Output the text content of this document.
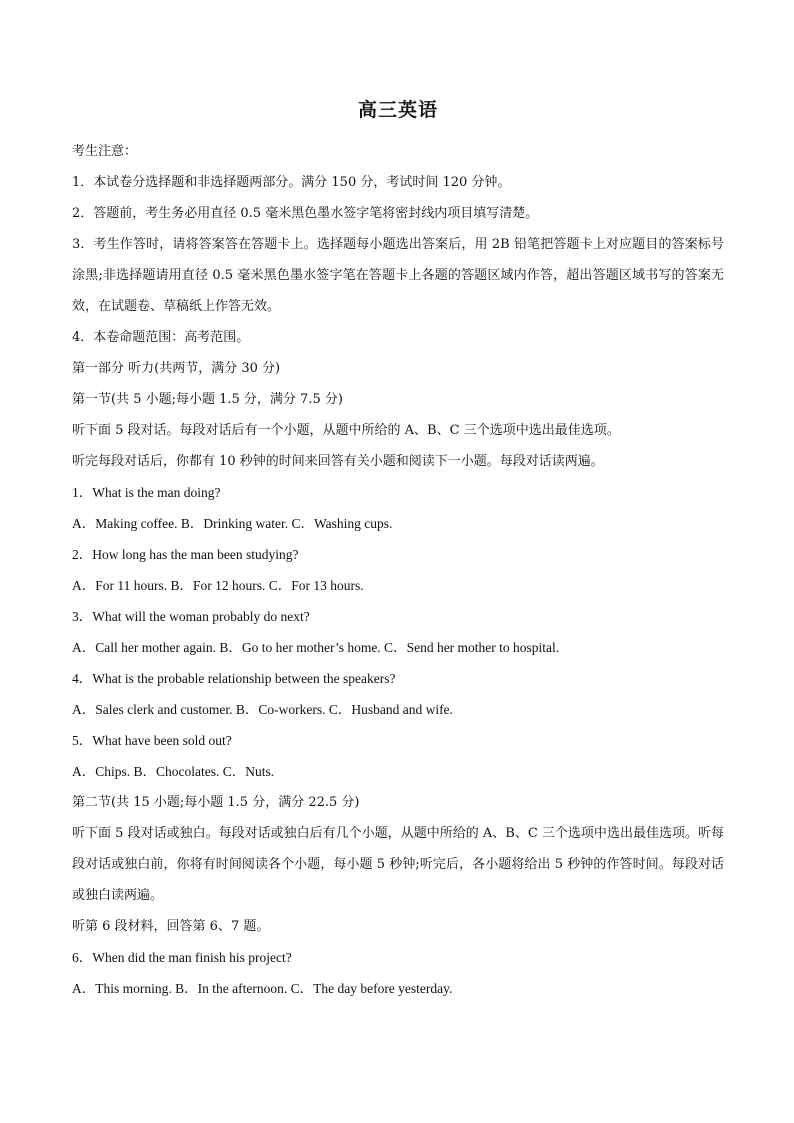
高三英语
考生注意：
1．本试卷分选择题和非选择题两部分。满分 150 分，考试时间 120 分钟。
2．答题前，考生务必用直径 0.5 毫米黑色墨水签字笔将密封线内项目填写清楚。
3．考生作答时，请将答案答在答题卡上。选择题每小题选出答案后，用 2B 铅笔把答题卡上对应题目的答案标号涂黑;非选择题请用直径 0.5 毫米黑色墨水签字笔在答题卡上各题的答题区域内作答，超出答题区域书写的答案无效，在试题卷、草稿纸上作答无效。
4．本卷命题范围：高考范围。
第一部分 听力(共两节，满分 30 分)
第一节(共 5 小题;每小题 1.5 分，满分 7.5 分)
听下面 5 段对话。每段对话后有一个小题，从题中所给的 A、B、C 三个选项中选出最佳选项。
听完每段对话后，你都有 10 秒钟的时间来回答有关小题和阅读下一小题。每段对话读两遍。
1．What is the man doing?
A．Making coffee. B．Drinking water. C．Washing cups.
2．How long has the man been studying?
A．For 11 hours. B．For 12 hours. C．For 13 hours.
3．What will the woman probably do next?
A．Call her mother again. B．Go to her mother’s home. C．Send her mother to hospital.
4．What is the probable relationship between the speakers?
A．Sales clerk and customer. B．Co-workers. C．Husband and wife.
5．What have been sold out?
A．Chips. B．Chocolates. C．Nuts.
第二节(共 15 小题;每小题 1.5 分，满分 22.5 分)
听下面 5 段对话或独白。每段对话或独白后有几个小题，从题中所给的 A、B、C 三个选项中选出最佳选项。听每段对话或独白前，你将有时间阅读各个小题，每小题 5 秒钟;听完后，各小题将给出 5 秒钟的作答时间。每段对话或独白读两遍。
听第 6 段材料，回答第 6、7 题。
6．When did the man finish his project?
A．This morning. B．In the afternoon. C．The day before yesterday.
